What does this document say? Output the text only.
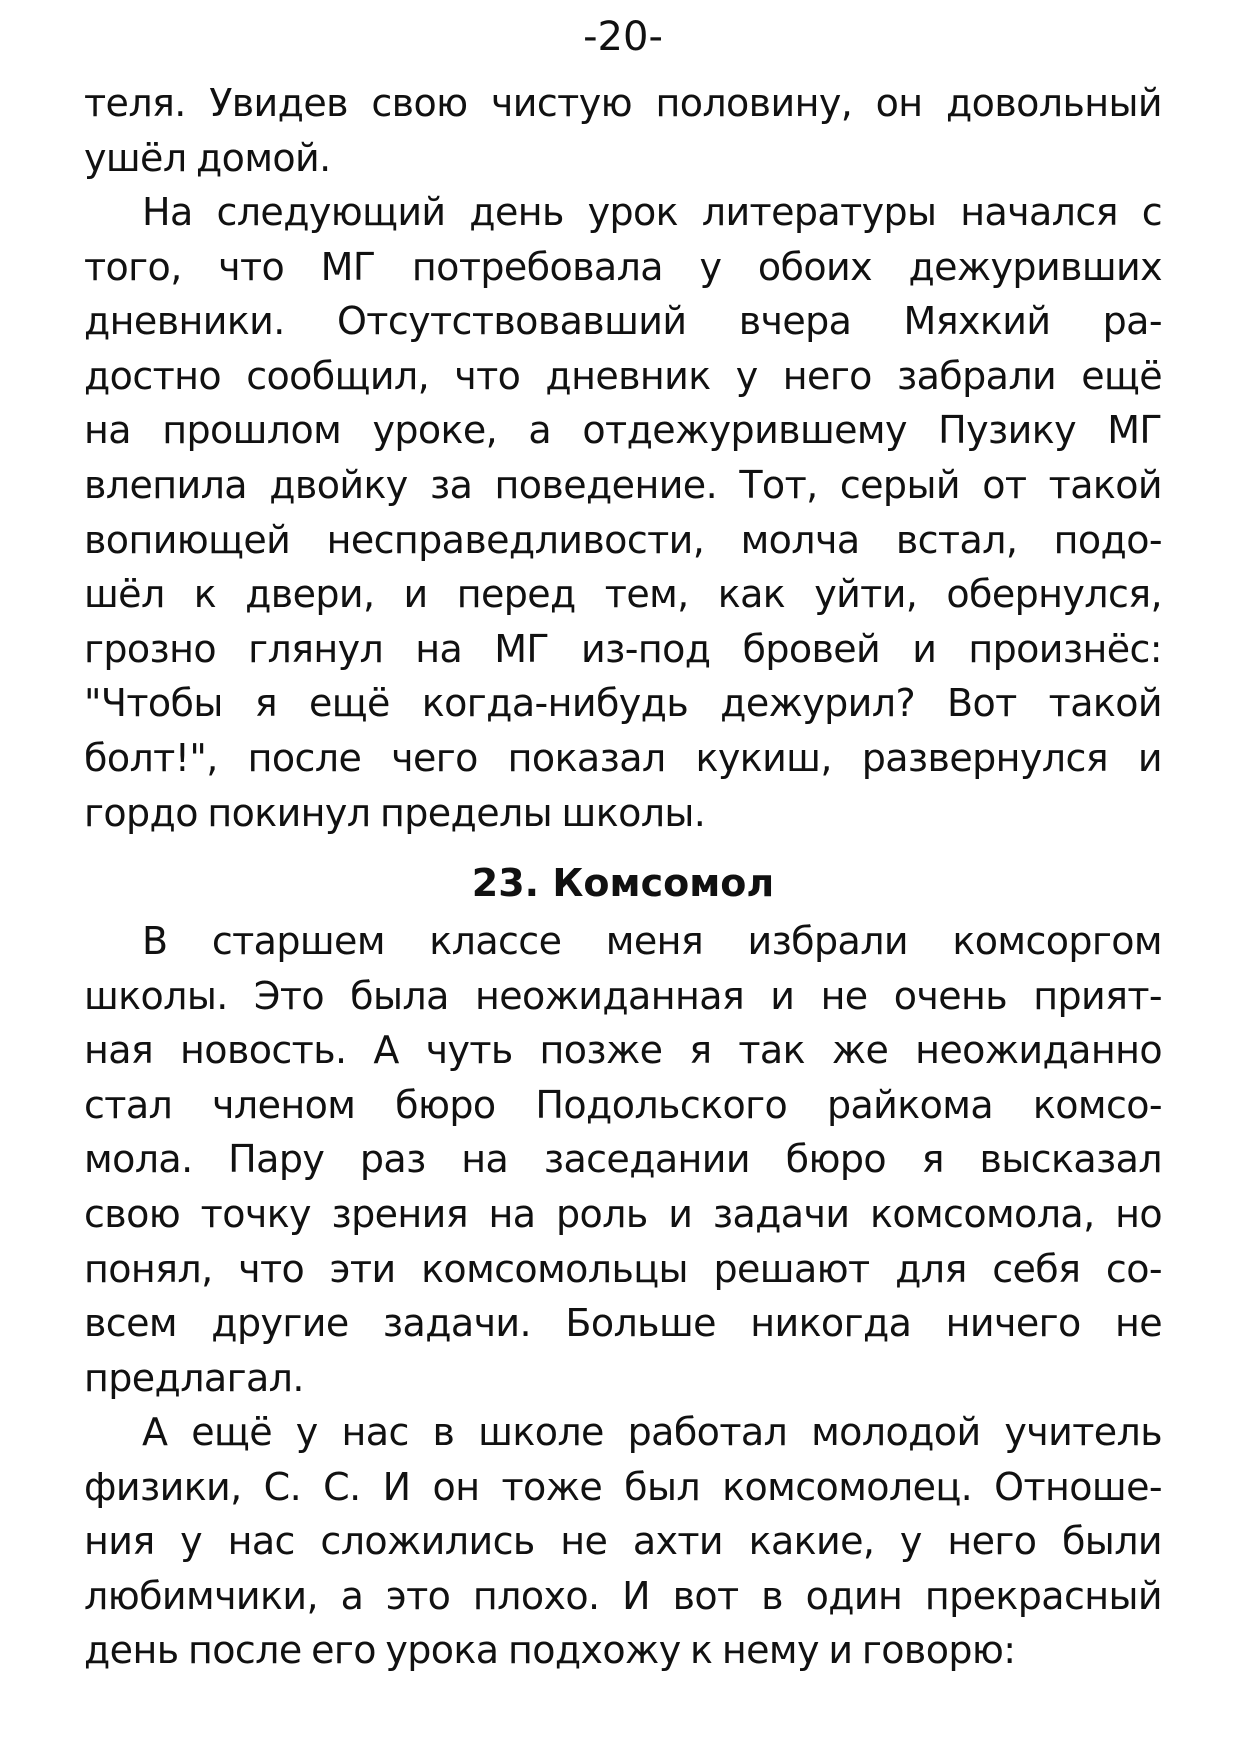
-20-
теля. Увидев свою чистую половину, он довольный
ушёл домой.
На следующий день урок литературы начался с
того, что МГ потребовала у обоих дежуривших
дневники. Отсутствовавший вчера Мяхкий ра-
достно сообщил, что дневник у него забрали ещё
на прошлом уроке, а отдежурившему Пузику МГ
влепила двойку за поведение. Тот, серый от такой
вопиющей несправедливости, молча встал, подо-
шёл к двери, и перед тем, как уйти, обернулся,
грозно глянул на МГ из-под бровей и произнёс:
"Чтобы я ещё когда-нибудь дежурил? Вот такой
болт!", после чего показал кукиш, развернулся и
гордо покинул пределы школы.
23. Комсомол
В старшем классе меня избрали комсоргом
школы. Это была неожиданная и не очень прият-
ная новость. А чуть позже я так же неожиданно
стал членом бюро Подольского райкома комсо-
мола. Пару раз на заседании бюро я высказал
свою точку зрения на роль и задачи комсомола, но
понял, что эти комсомольцы решают для себя со-
всем другие задачи. Больше никогда ничего не
предлагал.
А ещё у нас в школе работал молодой учитель
физики, С. С. И он тоже был комсомолец. Отноше-
ния у нас сложились не ахти какие, у него были
любимчики, а это плохо. И вот в один прекрасный
день после его урока подхожу к нему и говорю:
